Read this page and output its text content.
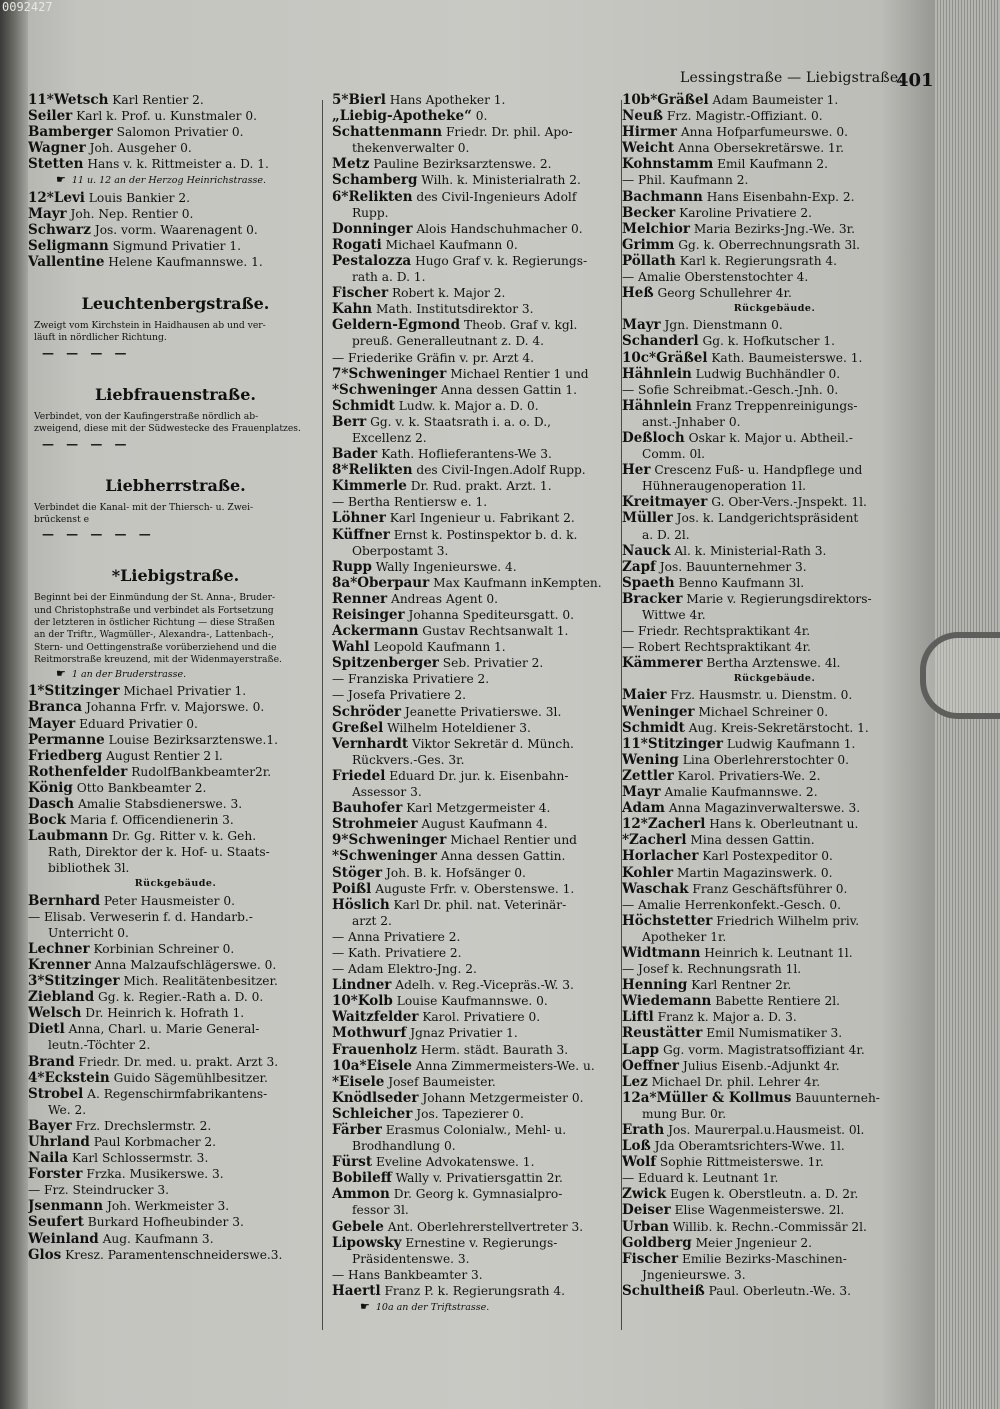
0092427
Lessingstraße — Liebigstraße.
401
11*Wetsch Karl Rentier 2.
Seiler Karl k. Prof. u. Kunstmaler 0.
Bamberger Salomon Privatier 0.
Wagner Joh. Ausgeher 0.
Stetten Hans v. k. Rittmeister a. D. 1.
☛ 11 u. 12 an der Herzog Heinrichstrasse.
12*Levi Louis Bankier 2.
Mayr Joh. Nep. Rentier 0.
Schwarz Jos. vorm. Waarenagent 0.
Seligmann Sigmund Privatier 1.
Vallentine Helene Kaufmannswe. 1.
Leuchtenbergstraße.
Zweigt vom Kirchstein in Haidhausen ab und ver-
läuft in nördlicher Richtung.
— — — —
Liebfrauenstraße.
Verbindet, von der Kaufingerstraße nördlich ab-
zweigend, diese mit der Südwestecke des Frauenplatzes.
— — — —
Liebherrstraße.
Verbindet die Kanal- mit der Thiersch- u. Zwei-
brückenst e
— — — — —
*Liebigstraße.
Beginnt bei der Einmündung der St. Anna-, Bruder-
und Christophstraße und verbindet als Fortsetzung
der letzteren in östlicher Richtung — diese Straßen
an der Triftr., Wagmüller-, Alexandra-, Lattenbach-,
Stern- und Oettingenstraße vorüberziehend und die
Reitmorstraße kreuzend, mit der Widenmayerstraße.
☛ 1 an der Bruderstrasse.
1*Stitzinger Michael Privatier 1.
Branca Johanna Frfr. v. Majorswe. 0.
Mayer Eduard Privatier 0.
Permanne Louise Bezirksarztenswe.1.
Friedberg August Rentier 2 l.
Rothenfelder RudolfBankbeamter2r.
König Otto Bankbeamter 2.
Dasch Amalie Stabsdienerswe. 3.
Bock Maria f. Officendienerin 3.
Laubmann Dr. Gg. Ritter v. k. Geh.
Rath, Direktor der k. Hof- u. Staats-
bibliothek 3l.
Rückgebäude.
Bernhard Peter Hausmeister 0.
— Elisab. Verweserin f. d. Handarb.-
Unterricht 0.
Lechner Korbinian Schreiner 0.
Krenner Anna Malzaufschlägerswe. 0.
3*Stitzinger Mich. Realitätenbesitzer.
Ziebland Gg. k. Regier.-Rath a. D. 0.
Welsch Dr. Heinrich k. Hofrath 1.
Dietl Anna, Charl. u. Marie General-
leutn.-Töchter 2.
Brand Friedr. Dr. med. u. prakt. Arzt 3.
4*Eckstein Guido Sägemühlbesitzer.
Strobel A. Regenschirmfabrikantens-
We. 2.
Bayer Frz. Drechslermstr. 2.
Uhrland Paul Korbmacher 2.
Naila Karl Schlossermstr. 3.
Forster Frzka. Musikerswe. 3.
— Frz. Steindrucker 3.
Jsenmann Joh. Werkmeister 3.
Seufert Burkard Hofheubinder 3.
Weinland Aug. Kaufmann 3.
Glos Kresz. Paramentenschneiderswe.3.
5*Bierl Hans Apotheker 1.
„Liebig-Apotheke“ 0.
Schattenmann Friedr. Dr. phil. Apo-
thekenverwalter 0.
Metz Pauline Bezirksarztenswe. 2.
Schamberg Wilh. k. Ministerialrath 2.
6*Relikten des Civil-Ingenieurs Adolf
Rupp.
Donninger Alois Handschuhmacher 0.
Rogati Michael Kaufmann 0.
Pestalozza Hugo Graf v. k. Regierungs-
rath a. D. 1.
Fischer Robert k. Major 2.
Kahn Math. Institutsdirektor 3.
Geldern-Egmond Theob. Graf v. kgl.
preuß. Generalleutnant z. D. 4.
— Friederike Gräfin v. pr. Arzt 4.
7*Schweninger Michael Rentier 1 und
*Schweninger Anna dessen Gattin 1.
Schmidt Ludw. k. Major a. D. 0.
Berr Gg. v. k. Staatsrath i. a. o. D.,
Excellenz 2.
Bader Kath. Hoflieferantens-We 3.
8*Relikten des Civil-Ingen.Adolf Rupp.
Kimmerle Dr. Rud. prakt. Arzt. 1.
— Bertha Rentiersw e. 1.
Löhner Karl Ingenieur u. Fabrikant 2.
Küffner Ernst k. Postinspektor b. d. k.
Oberpostamt 3.
Rupp Wally Ingenieurswe. 4.
8a*Oberpaur Max Kaufmann inKempten.
Renner Andreas Agent 0.
Reisinger Johanna Spediteursgatt. 0.
Ackermann Gustav Rechtsanwalt 1.
Wahl Leopold Kaufmann 1.
Spitzenberger Seb. Privatier 2.
— Franziska Privatiere 2.
— Josefa Privatiere 2.
Schröder Jeanette Privatierswe. 3l.
Greßel Wilhelm Hoteldiener 3.
Vernhardt Viktor Sekretär d. Münch.
Rückvers.-Ges. 3r.
Friedel Eduard Dr. jur. k. Eisenbahn-
Assessor 3.
Bauhofer Karl Metzgermeister 4.
Strohmeier August Kaufmann 4.
9*Schweninger Michael Rentier und
*Schweninger Anna dessen Gattin.
Stöger Joh. B. k. Hofsänger 0.
Poißl Auguste Frfr. v. Oberstenswe. 1.
Höslich Karl Dr. phil. nat. Veterinär-
arzt 2.
— Anna Privatiere 2.
— Kath. Privatiere 2.
— Adam Elektro-Jng. 2.
Lindner Adelh. v. Reg.-Vicepräs.-W. 3.
10*Kolb Louise Kaufmannswe. 0.
Waitzfelder Karol. Privatiere 0.
Mothwurf Jgnaz Privatier 1.
Frauenholz Herm. städt. Baurath 3.
10a*Eisele Anna Zimmermeisters-We. u.
*Eisele Josef Baumeister.
Knödlseder Johann Metzgermeister 0.
Schleicher Jos. Tapezierer 0.
Färber Erasmus Colonialw., Mehl- u.
Brodhandlung 0.
Fürst Eveline Advokatenswe. 1.
Bobileff Wally v. Privatiersgattin 2r.
Ammon Dr. Georg k. Gymnasialpro-
fessor 3l.
Gebele Ant. Oberlehrerstellvertreter 3.
Lipowsky Ernestine v. Regierungs-
Präsidentenswe. 3.
— Hans Bankbeamter 3.
Haertl Franz P. k. Regierungsrath 4.
☛ 10a an der Triftstrasse.
10b*Gräßel Adam Baumeister 1.
Neuß Frz. Magistr.-Offiziant. 0.
Hirmer Anna Hofparfumeurswe. 0.
Weicht Anna Obersekretärswe. 1r.
Kohnstamm Emil Kaufmann 2.
— Phil. Kaufmann 2.
Bachmann Hans Eisenbahn-Exp. 2.
Becker Karoline Privatiere 2.
Melchior Maria Bezirks-Jng.-We. 3r.
Grimm Gg. k. Oberrechnungsrath 3l.
Pöllath Karl k. Regierungsrath 4.
— Amalie Oberstenstochter 4.
Heß Georg Schullehrer 4r.
Rückgebäude.
Mayr Jgn. Dienstmann 0.
Schanderl Gg. k. Hofkutscher 1.
10c*Gräßel Kath. Baumeisterswe. 1.
Hähnlein Ludwig Buchhändler 0.
— Sofie Schreibmat.-Gesch.-Jnh. 0.
Hähnlein Franz Treppenreinigungs-
anst.-Jnhaber 0.
Deßloch Oskar k. Major u. Abtheil.-
Comm. 0l.
Her Crescenz Fuß- u. Handpflege und
Hühneraugenoperation 1l.
Kreitmayer G. Ober-Vers.-Jnspekt. 1l.
Müller Jos. k. Landgerichtspräsident
a. D. 2l.
Nauck Al. k. Ministerial-Rath 3.
Zapf Jos. Bauunternehmer 3.
Spaeth Benno Kaufmann 3l.
Bracker Marie v. Regierungsdirektors-
Wittwe 4r.
— Friedr. Rechtspraktikant 4r.
— Robert Rechtspraktikant 4r.
Kämmerer Bertha Arztenswe. 4l.
Rückgebäude.
Maier Frz. Hausmstr. u. Dienstm. 0.
Weninger Michael Schreiner 0.
Schmidt Aug. Kreis-Sekretärstocht. 1.
11*Stitzinger Ludwig Kaufmann 1.
Wening Lina Oberlehrerstochter 0.
Zettler Karol. Privatiers-We. 2.
Mayr Amalie Kaufmannswe. 2.
Adam Anna Magazinverwalterswe. 3.
12*Zacherl Hans k. Oberleutnant u.
*Zacherl Mina dessen Gattin.
Horlacher Karl Postexpeditor 0.
Kohler Martin Magazinswerk. 0.
Waschak Franz Geschäftsführer 0.
— Amalie Herrenkonfekt.-Gesch. 0.
Höchstetter Friedrich Wilhelm priv.
Apotheker 1r.
Widtmann Heinrich k. Leutnant 1l.
— Josef k. Rechnungsrath 1l.
Henning Karl Rentner 2r.
Wiedemann Babette Rentiere 2l.
Liftl Franz k. Major a. D. 3.
Reustätter Emil Numismatiker 3.
Lapp Gg. vorm. Magistratsoffiziant 4r.
Oeffner Julius Eisenb.-Adjunkt 4r.
Lez Michael Dr. phil. Lehrer 4r.
12a*Müller & Kollmus Bauunterneh-
mung Bur. 0r.
Erath Jos. Maurerpal.u.Hausmeist. 0l.
Loß Jda Oberamtsrichters-Wwe. 1l.
Wolf Sophie Rittmeisterswe. 1r.
— Eduard k. Leutnant 1r.
Zwick Eugen k. Oberstleutn. a. D. 2r.
Deiser Elise Wagenmeisterswe. 2l.
Urban Willib. k. Rechn.-Commissär 2l.
Goldberg Meier Jngenieur 2.
Fischer Emilie Bezirks-Maschinen-
Jngenieurswe. 3.
Schultheiß Paul. Oberleutn.-We. 3.
